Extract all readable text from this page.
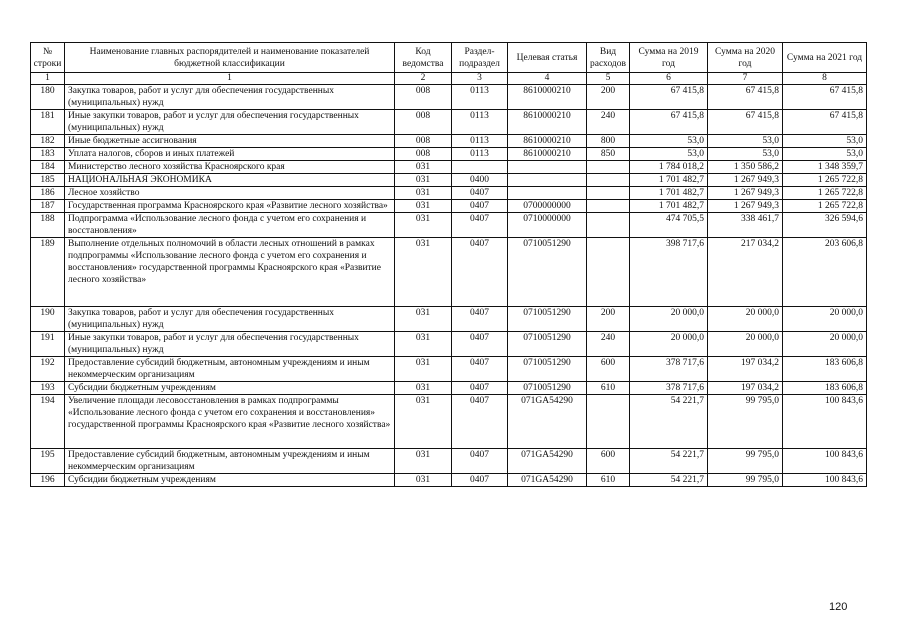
№ строки	Наименование главных распорядителей и наименование показателей бюджетной классификации	Код ведомства	Раздел-подраздел	Целевая статья	Вид расходов	Сумма на 2019 год	Сумма на 2020 год	Сумма на 2021 год
1	1	2	3	4	5	6	7	8
180	Закупка товаров, работ и услуг для обеспечения государственных (муниципальных) нужд	008	0113	8610000210	200	67 415,8	67 415,8	67 415,8
181	Иные закупки товаров, работ и услуг для обеспечения государственных (муниципальных) нужд	008	0113	8610000210	240	67 415,8	67 415,8	67 415,8
182	Иные бюджетные ассигнования	008	0113	8610000210	800	53,0	53,0	53,0
183	Уплата налогов, сборов и иных платежей	008	0113	8610000210	850	53,0	53,0	53,0
184	Министерство лесного хозяйства Красноярского края	031				1 784 018,2	1 350 586,2	1 348 359,7
185	НАЦИОНАЛЬНАЯ ЭКОНОМИКА	031	0400			1 701 482,7	1 267 949,3	1 265 722,8
186	Лесное хозяйство	031	0407			1 701 482,7	1 267 949,3	1 265 722,8
187	Государственная программа Красноярского края «Развитие лесного хозяйства»	031	0407	0700000000		1 701 482,7	1 267 949,3	1 265 722,8
188	Подпрограмма «Использование лесного фонда с учетом его сохранения и восстановления»	031	0407	0710000000		474 705,5	338 461,7	326 594,6
189	Выполнение отдельных полномочий в области лесных отношений в рамках подпрограммы «Использование лесного фонда с учетом его сохранения и восстановления» государственной программы Красноярского края «Развитие лесного хозяйства»	031	0407	0710051290		398 717,6	217 034,2	203 606,8
190	Закупка товаров, работ и услуг для обеспечения государственных (муниципальных) нужд	031	0407	0710051290	200	20 000,0	20 000,0	20 000,0
191	Иные закупки товаров, работ и услуг для обеспечения государственных (муниципальных) нужд	031	0407	0710051290	240	20 000,0	20 000,0	20 000,0
192	Предоставление субсидий бюджетным, автономным учреждениям и иным некоммерческим организациям	031	0407	0710051290	600	378 717,6	197 034,2	183 606,8
193	Субсидии бюджетным учреждениям	031	0407	0710051290	610	378 717,6	197 034,2	183 606,8
194	Увеличение площади лесовосстановления в рамках подпрограммы «Использование лесного фонда с учетом его сохранения и восстановления» государственной программы Красноярского края «Развитие лесного хозяйства»	031	0407	071GA54290		54 221,7	99 795,0	100 843,6
195	Предоставление субсидий бюджетным, автономным учреждениям и иным некоммерческим организациям	031	0407	071GA54290	600	54 221,7	99 795,0	100 843,6
196	Субсидии бюджетным учреждениям	031	0407	071GA54290	610	54 221,7	99 795,0	100 843,6
120
